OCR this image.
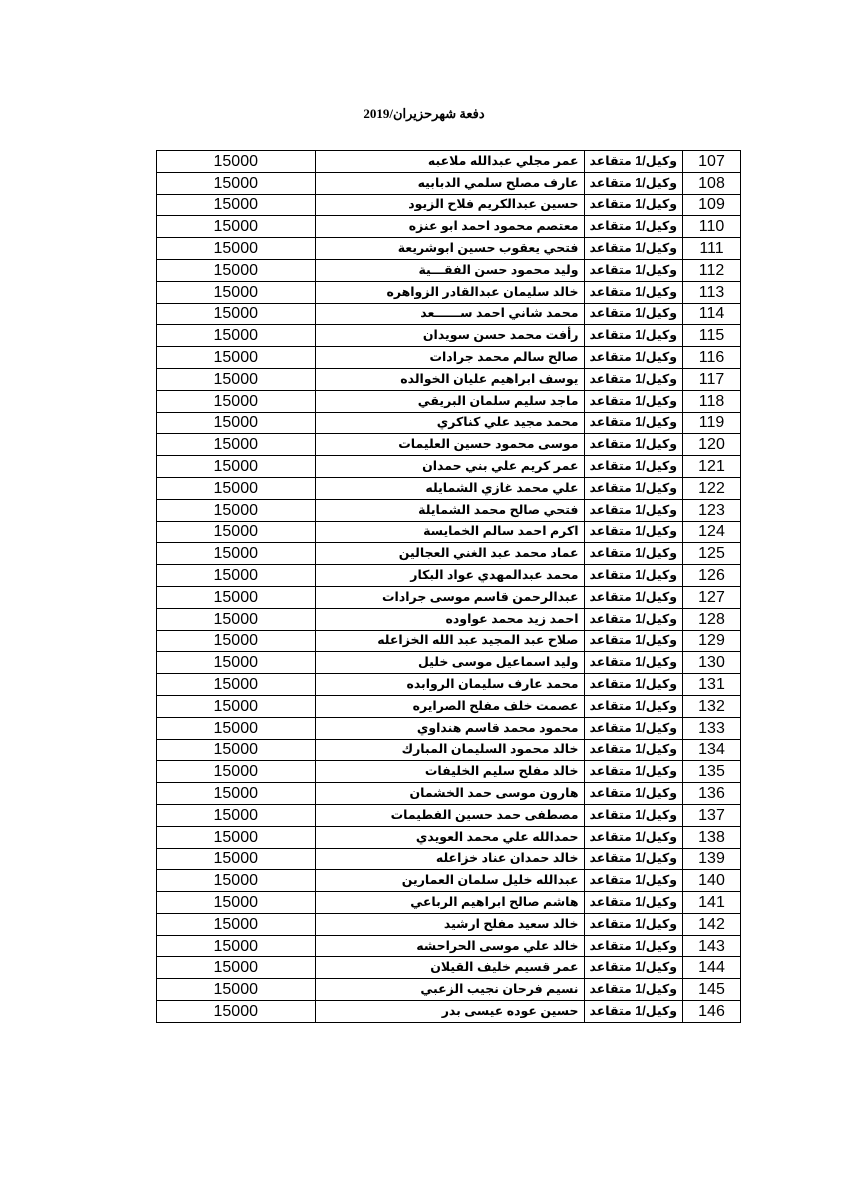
دفعة شهرحزيران/2019
107	وكيل/1 متقاعد	عمر مجلي عبدالله ملاعبه	15000
108	وكيل/1 متقاعد	عارف مصلح سلمي الدبابيه	15000
109	وكيل/1 متقاعد	حسين عبدالكريم فلاح الزيود	15000
110	وكيل/1 متقاعد	معتصم محمود احمد ابو عنزه	15000
111	وكيل/1 متقاعد	فتحي يعقوب حسين ابوشريعة	15000
112	وكيل/1 متقاعد	وليد محمود حسن الفقـــية	15000
113	وكيل/1 متقاعد	خالد سليمان عبدالقادر الزواهره	15000
114	وكيل/1 متقاعد	محمد شاني احمد ســــــعد	15000
115	وكيل/1 متقاعد	رأفت محمد حسن سويدان	15000
116	وكيل/1 متقاعد	صالح سالم محمد جرادات	15000
117	وكيل/1 متقاعد	يوسف ابراهيم عليان الخوالده	15000
118	وكيل/1 متقاعد	ماجد سليم سلمان البريقي	15000
119	وكيل/1 متقاعد	محمد مجيد علي كناكري	15000
120	وكيل/1 متقاعد	موسى محمود حسين العليمات	15000
121	وكيل/1 متقاعد	عمر كريم علي بني حمدان	15000
122	وكيل/1 متقاعد	علي محمد غازي الشمايله	15000
123	وكيل/1 متقاعد	فتحي صالح محمد الشمايلة	15000
124	وكيل/1 متقاعد	اكرم احمد سالم الخمايسة	15000
125	وكيل/1 متقاعد	عماد محمد عبد الغني العجالين	15000
126	وكيل/1 متقاعد	محمد عبدالمهدي عواد البكار	15000
127	وكيل/1 متقاعد	عبدالرحمن قاسم موسى جرادات	15000
128	وكيل/1 متقاعد	احمد زيد محمد عواوده	15000
129	وكيل/1 متقاعد	صلاح عبد المجيد عبد الله الخزاعله	15000
130	وكيل/1 متقاعد	وليد اسماعيل موسى خليل	15000
131	وكيل/1 متقاعد	محمد عارف سليمان الروابده	15000
132	وكيل/1 متقاعد	عصمت خلف مفلح الصرايره	15000
133	وكيل/1 متقاعد	محمود محمد قاسم هنداوي	15000
134	وكيل/1 متقاعد	خالد محمود السليمان المبارك	15000
135	وكيل/1 متقاعد	خالد مفلح سليم الخليفات	15000
136	وكيل/1 متقاعد	هارون موسى حمد الخشمان	15000
137	وكيل/1 متقاعد	مصطفى حمد حسين الفطيمات	15000
138	وكيل/1 متقاعد	حمدالله علي محمد العويدي	15000
139	وكيل/1 متقاعد	خالد حمدان عناد خزاعله	15000
140	وكيل/1 متقاعد	عبدالله خليل سلمان العمارين	15000
141	وكيل/1 متقاعد	هاشم صالح ابراهيم الرباعي	15000
142	وكيل/1 متقاعد	خالد سعيد مفلح ارشيد	15000
143	وكيل/1 متقاعد	خالد علي موسى الحراحشه	15000
144	وكيل/1 متقاعد	عمر قسيم خليف القيلان	15000
145	وكيل/1 متقاعد	نسيم فرحان نجيب الزعبي	15000
146	وكيل/1 متقاعد	حسين عوده عيسى بدر	15000
